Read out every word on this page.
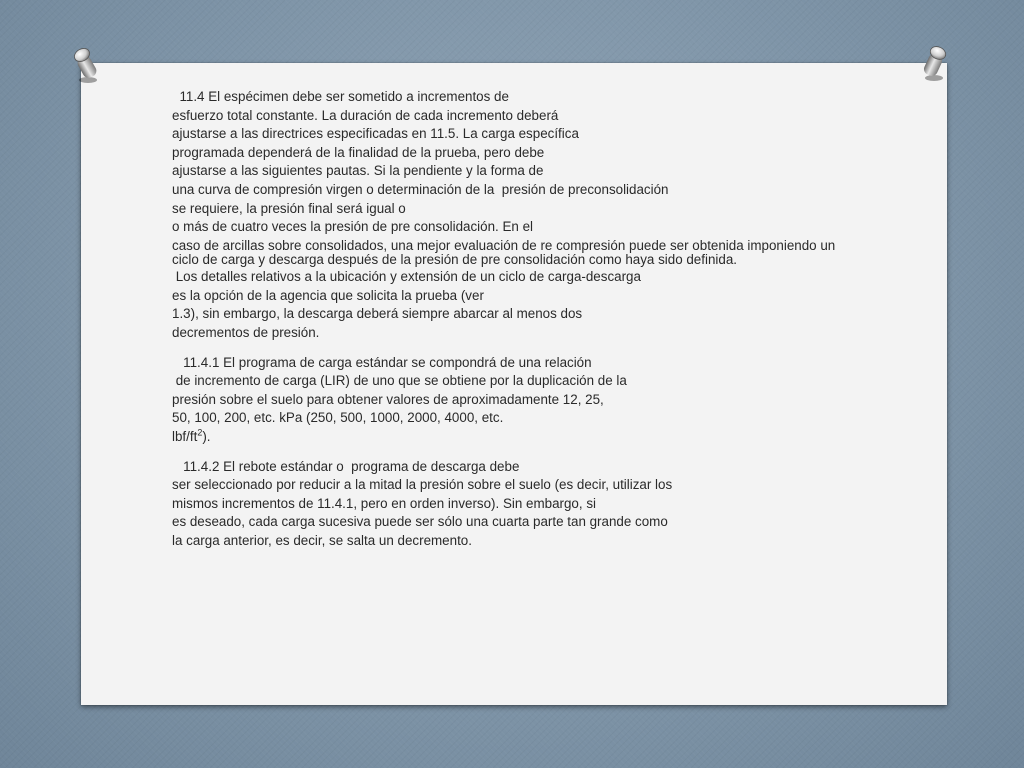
11.4 El espécimen debe ser sometido a incrementos de
esfuerzo total constante. La duración de cada incremento deberá
ajustarse a las directrices especificadas en 11.5. La carga específica
programada dependerá de la finalidad de la prueba, pero debe
ajustarse a las siguientes pautas. Si la pendiente y la forma de
una curva de compresión virgen o determinación de la  presión de preconsolidación
se requiere, la presión final será igual o
o más de cuatro veces la presión de pre consolidación. En el
caso de arcillas sobre consolidados, una mejor evaluación de re compresión puede ser obtenida imponiendo un ciclo de carga y descarga después de la presión de pre consolidación como haya sido definida.
Los detalles relativos a la ubicación y extensión de un ciclo de carga-descarga
es la opción de la agencia que solicita la prueba (ver
1.3), sin embargo, la descarga deberá siempre abarcar al menos dos
decrementos de presión.
11.4.1 El programa de carga estándar se compondrá de una relación
de incremento de carga (LIR) de uno que se obtiene por la duplicación de la
presión sobre el suelo para obtener valores de aproximadamente 12, 25,
50, 100, 200, etc. kPa (250, 500, 1000, 2000, 4000, etc.
lbf/$ft^2$).
11.4.2 El rebote estándar o  programa de descarga debe
ser seleccionado por reducir a la mitad la presión sobre el suelo (es decir, utilizar los
mismos incrementos de 11.4.1, pero en orden inverso). Sin embargo, si
es deseado, cada carga sucesiva puede ser sólo una cuarta parte tan grande como
la carga anterior, es decir, se salta un decremento.
